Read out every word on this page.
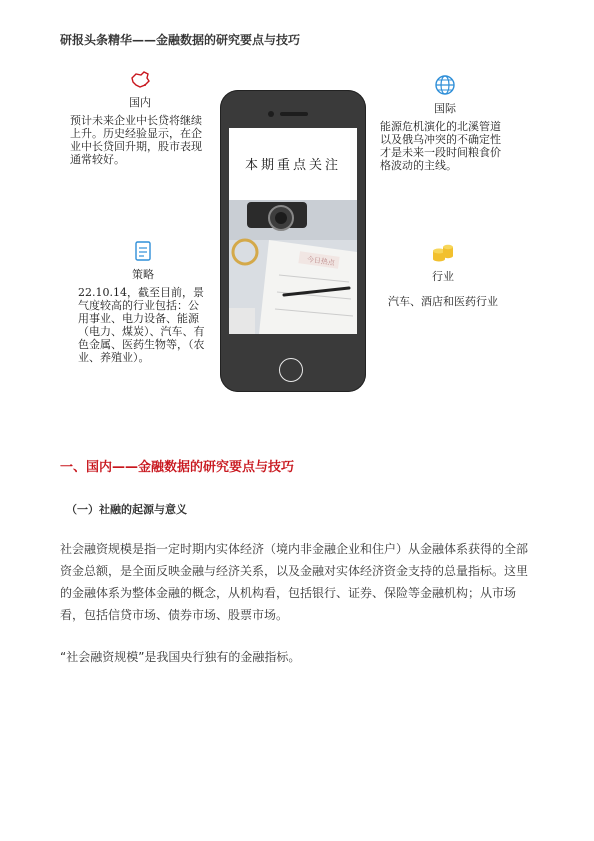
研报头条精华——金融数据的研究要点与技巧
国内
预计未来企业中长贷将继续上升。历史经验显示，在企业中长贷回升期，股市表现通常较好。
国际
能源危机演化的北溪管道以及俄乌冲突的不确定性才是未来一段时间粮食价格波动的主线。
策略
22.10.14，截至目前，景气度较高的行业包括：公用事业、电力设备、能源（电力、煤炭）、汽车、有色金属、医药生物等，（农业、养殖业）。
行业
汽车、酒店和医药行业
本期重点关注
今日热点
一、国内——金融数据的研究要点与技巧
（一）社融的起源与意义
社会融资规模是指一定时期内实体经济（境内非金融企业和住户）从金融体系获得的全部资金总额，是全面反映金融与经济关系，以及金融对实体经济资金支持的总量指标。这里的金融体系为整体金融的概念，从机构看，包括银行、证券、保险等金融机构；从市场看，包括信贷市场、债券市场、股票市场。
“社会融资规模”是我国央行独有的金融指标。
